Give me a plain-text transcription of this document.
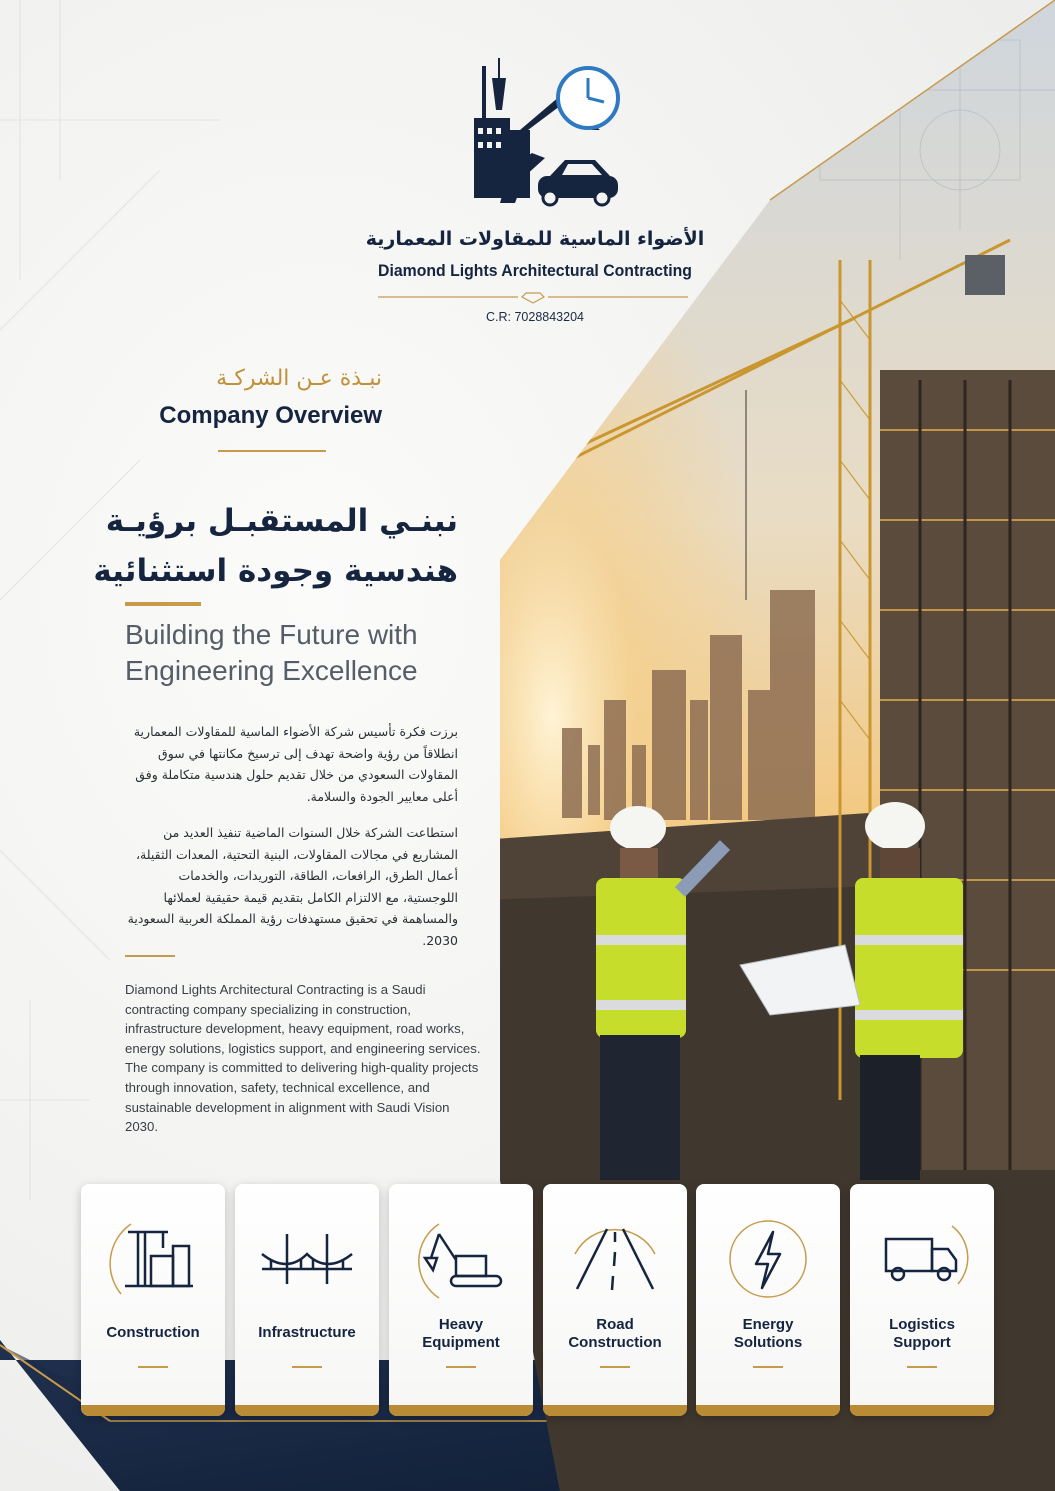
الأضواء الماسية للمقاولات المعمارية
Diamond Lights Architectural Contracting
C.R: 7028843204
نبـذة عـن الشركـة
Company Overview
نبنـي المستقبـل برؤيـة
هندسية وجودة استثنائية
Building the Future with
Engineering Excellence
برزت فكرة تأسيس شركة الأضواء الماسية للمقاولات المعمارية انطلاقاً من رؤية واضحة تهدف إلى ترسيخ مكانتها في سوق المقاولات السعودي من خلال تقديم حلول هندسية متكاملة وفق أعلى معايير الجودة والسلامة.
استطاعت الشركة خلال السنوات الماضية تنفيذ العديد من المشاريع في مجالات المقاولات، البنية التحتية، المعدات الثقيلة، أعمال الطرق، الرافعات، الطاقة، التوريدات، والخدمات اللوجستية، مع الالتزام الكامل بتقديم قيمة حقيقية لعملائها والمساهمة في تحقيق مستهدفات رؤية المملكة العربية السعودية 2030.
Diamond Lights Architectural Contracting is a Saudi contracting company specializing in construction, infrastructure development, heavy equipment, road works, energy solutions, logistics support, and engineering services. The company is committed to delivering high-quality projects through innovation, safety, technical excellence, and sustainable development in alignment with Saudi Vision 2030.
Construction	Infrastructure	Heavy
Equipment
Road
Construction
Energy
Solutions
Logistics
Support
